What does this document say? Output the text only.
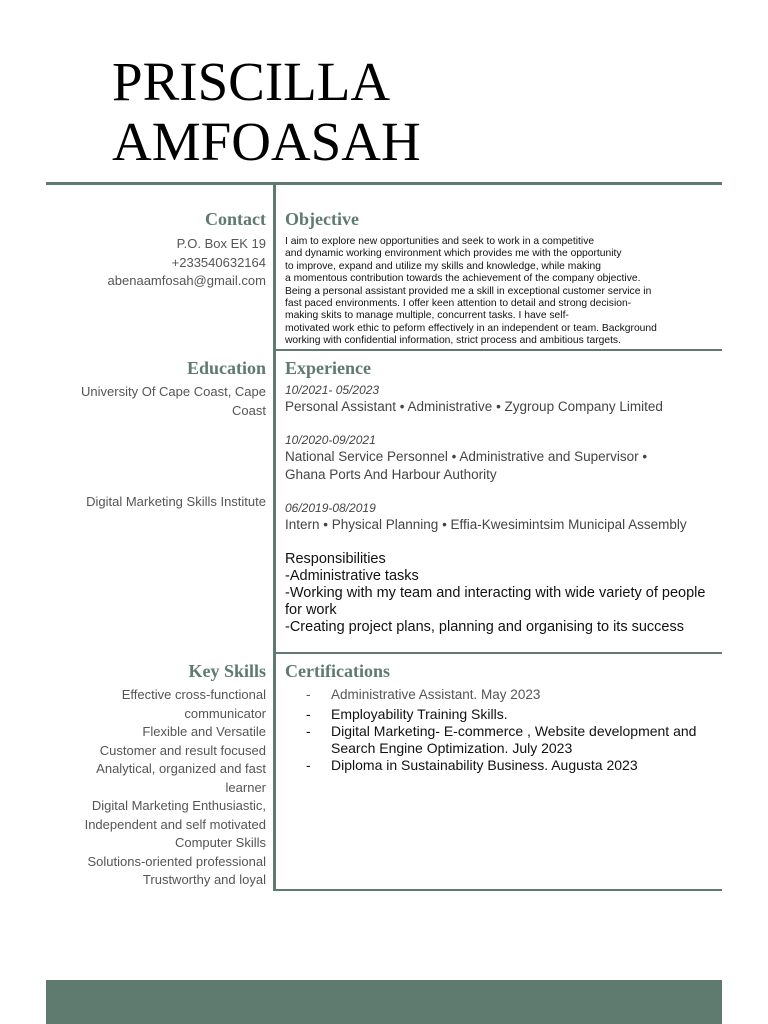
PRISCILLA
AMFOASAH
Contact
P.O. Box EK 19
+233540632164
abenaamfosah@gmail.com
Objective
I aim to explore new opportunities and seek to work in a competitive
and dynamic working environment which provides me with the opportunity
to improve, expand and utilize my skills and knowledge, while making
a momentous contribution towards the achievement of the company objective.
Being a personal assistant provided me a skill in exceptional customer service in
fast paced environments. I offer keen attention to detail and strong decision-
making skits to manage multiple, concurrent tasks. I have self-
motivated work ethic to peform effectively in an independent or team. Background
working with confidential information, strict process and ambitious targets.
Education
University Of Cape Coast, Cape Coast
Digital Marketing Skills Institute
Experience
10/2021- 05/2023
Personal Assistant • Administrative • Zygroup Company Limited
10/2020-09/2021
National Service Personnel • Administrative and Supervisor • Ghana Ports And Harbour Authority
06/2019-08/2019
Intern • Physical Planning • Effia-Kwesimintsim Municipal Assembly
Responsibilities
-Administrative tasks
-Working with my team and interacting with wide variety of people for work
-Creating project plans, planning and organising to its success
Key Skills
Effective cross-functional communicator
Flexible and Versatile
Customer and result focused
Analytical, organized and fast learner
Digital Marketing Enthusiastic,
Independent and self motivated
Computer Skills
Solutions-oriented professional
Trustworthy and loyal
Certifications
-	Administrative Assistant. May 2023
-	Employability Training Skills.
-	Digital Marketing- E-commerce , Website development and Search Engine Optimization. July 2023
-	Diploma in Sustainability Business. Augusta 2023
